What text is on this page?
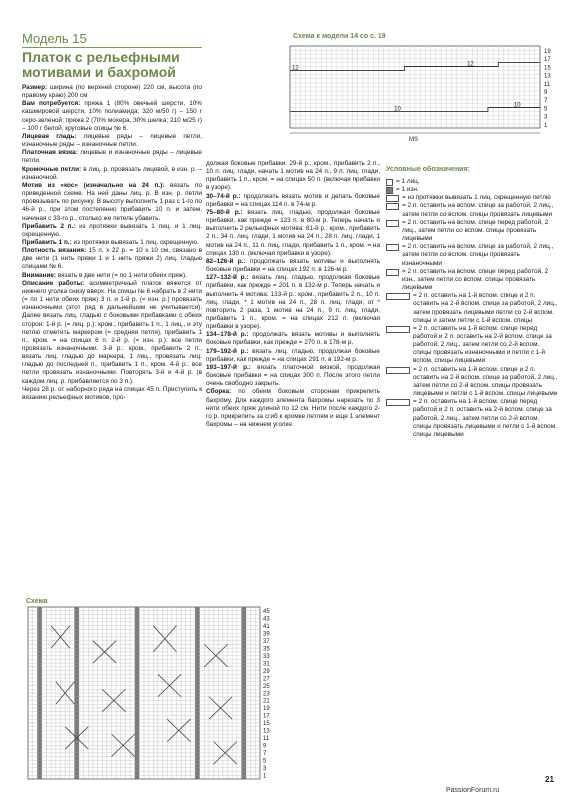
Модель 15
Платок с рельефными мотивами и бахромой

Размер: ширина (по верхней стороне) 220 см, высота (по правому краю) 200 см

Вам потребуется: пряжа 1 (80% овечьей шерсти, 10% кашмировой шерсти, 10% полиамида; 320 м/50 г) – 150 г серо-зеленой; пряжа 2 (70% мохера, 30% шелка; 210 м/25 г) – 100 г белой; круговые спицы № 6.

Лицевая гладь: лицевые ряды – лицевые петли, изнаночные ряды – изнаночные петли.

Платочная вязка: лицевые и изнаночные ряды – лицевые петли.

Кромочные петли: в лиц. р. провязать лицевой, в изн. р. – изнаночной.

Мотив из «кос» (изначально на 24 п.): вязать по приведенной схеме. На ней даны лиц. р. В изн. р. петли провязывать по рисунку. В высоту выполнить 1 раз с 1-го по 46-й р., при этом постепенно прибавить 10 п. и затем, начиная с 33-го р., столько же петель убавить.

Прибавить 2 п.: из протяжки вывязать 1 лиц. и 1 лиц. скрещенную.

Прибавить 1 п.: из протяжки вывязать 1 лиц. скрещенную.

Плотность вязания: 15 п. x 22 р. = 10 x 10 см, связано в две нити (1 нить пряжи 1 и 1 нить пряжи 2) лиц. гладью спицами № 6.

Внимание: вязать в две нити (= по 1 нити обеих пряж).

Описание работы: асимметричный платок вяжется от нижнего уголка снизу вверх. На спицы № 6 набрать в 2 нити (= по 1 нити обеих пряж) 3 п. и 1-й р. (= изн. р.) провязать изнаночными (этот ряд в дальнейшем не учитывается). Далее вязать лиц. гладью с боковыми прибавками с обеих сторон: 1-й р. (= лиц. р.): кром., прибавить 1 п., 1 лиц., и эту петлю отметить маркером (= средняя петля), прибавить 1 п., кром. = на спицах 6 п. 2-й р. (= изн. р.): все петли провязать изнаночными. 3-й р.: кром., прибавить 2 п., вязать лиц. гладью до маркера, 1 лиц., провязать лиц. гладью до последней п., прибавить 1 п., кром. 4-й р.: все петли провязать изнаночными. Повторять 3-й и 4-й р. (в каждом лиц. р. прибавляется по 3 п.).

Через 28 р. от наборного ряда на спицах 45 п. Приступить к вязанию рельефных мотивов, про-

должая боковые прибавки. 29-й р.: кром., прибавить 2 п., 10 п. лиц. глади, начать 1 мотив на 24 п., 9 п. лиц. глади, прибавить 1 п., кром. = на спицах 50 п. (включая прибавки в узоре).

30–74-й р.: продолжать вязать мотив и делать боковые прибавки = на спицах 114 п. в 74-м р.

75–80-й р.: вязать лиц. гладью, продолжая боковые прибавки, как прежде = 123 п. в 80-м р. Теперь начать и выполнить 2 рельефных мотива: 81-й р.: кром., прибавить 2 п., 34 п. лиц. глади, 1 мотив на 24 п., 28 п. лиц. глади, 1 мотив на 24 п., 11 п. лиц. глади, прибавить 1 п., кром. = на спицах 130 п. (включая прибавки в узоре).

82–126-й р.: продолжать вязать мотивы и выполнять боковые прибавки = на спицах 192 п. в 126-м р.

127–132-й р.: вязать лиц. гладью, продолжая боковые прибавки, как прежде = 201 п. в 132-м р. Теперь начать и выполнить 4 мотива: 133-й р.: кром., прибавить 2 п., 10 п. лиц. глади, * 1 мотив на 24 п., 28 п. лиц. глади, от * повторить 2 раза, 1 мотив на 24 п., 9 п. лиц. глади, прибавить 1 п., кром. = на спицах 212 п. (включая прибавки в узоре).

134–178-й р.: продолжать вязать мотивы и выполнять боковые прибавки, как прежде = 270 п. в 178-м р.

179–192-й р.: вязать лиц. гладью, продолжая боковые прибавки, как прежде = на спицах 291 п. в 192-м р.

193–197-й р.: вязать платочной вязкой, продолжая боковые прибавки = на спицах 300 п. После этого петли очень свободно закрыть.

Сборка: по обеим боковым сторонам прикрепить бахрому. Для каждого элемента бахромы нарезать по 3 нити обеих пряж длиной по 12 см. Нити после каждого 2-го р. прикрепить за сгиб к кромке петлям и еще 1 элемент бахромы – на нижнем уголке.

Схема к модели 14 со с. 19
12
12
10
10
19
17
15
13
11
9
7
5
3
1
MS
Схема
45
43
41
39
37
35
33
31
29
27
25
23
21
19
17
15
13
11
9
7
5
3
1
Условные обозначения:
= 1 лиц.
= 1 изн.
= из протяжки вывязать 1 лиц. скрещенную петлю
= 2 п. оставить на вспом. спице за работой, 2 лиц., затем петли со вспом. спицы провязать лицевыми
= 2 п. оставить на вспом. спице перед работой, 2 лиц., затем петли со вспом. спицы провязать лицевыми
= 2 п. оставить на вспом. спице за работой, 2 лиц., затем петли со вспом. спицы провязать изнаночными
= 2 п. оставить на вспом. спице перед работой, 2 изн., затем петли со вспом. спицы провязать лицевыми
= 2 п. оставить на 1-й вспом. спице и 2 п. оставить на 2-й вспом. спице за работой, 2 лиц., затем провязать лицевыми петли со 2-й вспом. спицы и затем петли с 1-й вспом. спицы
= 2 п. оставить на 1-й вспом. спице перед работой и 2 п. оставить на 2-й вспом. спице за работой, 2 лиц., затем петли со 2-й вспом. спицы провязать изнаночными и петли с 1-й вспом. спицы лицевыми
= 2 п. оставить на 1-й вспом. спице и 2 п. оставить на 2-й вспом. спице за работой, 2 лиц., затем петли со 2-й вспом. спицы провязать лицевыми и петли с 1-й вспом. спицы лицевыми
= 2 п. оставить на 1-й вспом. спице перед работой и 2 п. оставить на 2-й вспом. спице за работой, 2 лиц., затем петли со 2-й вспом. спицы провязать лицевыми и петли с 1-й вспом. спицы лицевыми
21
PassionForum.ru
